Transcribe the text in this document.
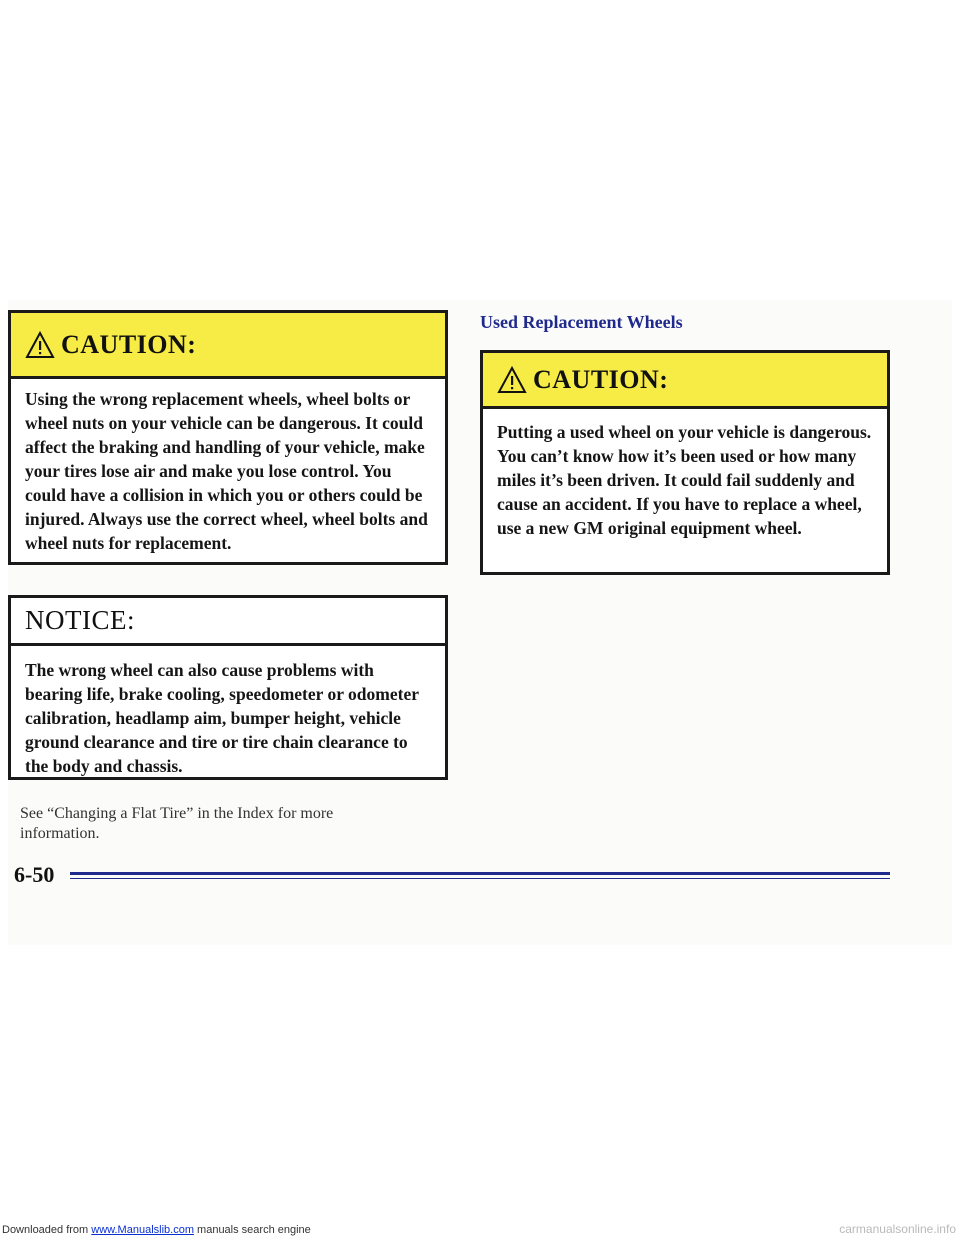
CAUTION:
Using the wrong replacement wheels, wheel bolts or wheel nuts on your vehicle can be dangerous. It could affect the braking and handling of your vehicle, make your tires lose air and make you lose control. You could have a collision in which you or others could be injured. Always use the correct wheel, wheel bolts and wheel nuts for replacement.
NOTICE:
The wrong wheel can also cause problems with bearing life, brake cooling, speedometer or odometer calibration, headlamp aim, bumper height, vehicle ground clearance and tire or tire chain clearance to the body and chassis.
See “Changing a Flat Tire” in the Index for more information.
Used Replacement Wheels
CAUTION:
Putting a used wheel on your vehicle is dangerous. You can’t know how it’s been used or how many miles it’s been driven. It could fail suddenly and cause an accident. If you have to replace a wheel, use a new GM original equipment wheel.
6-50
Downloaded from www.Manualslib.com manuals search engine	carmanualsonline.info
